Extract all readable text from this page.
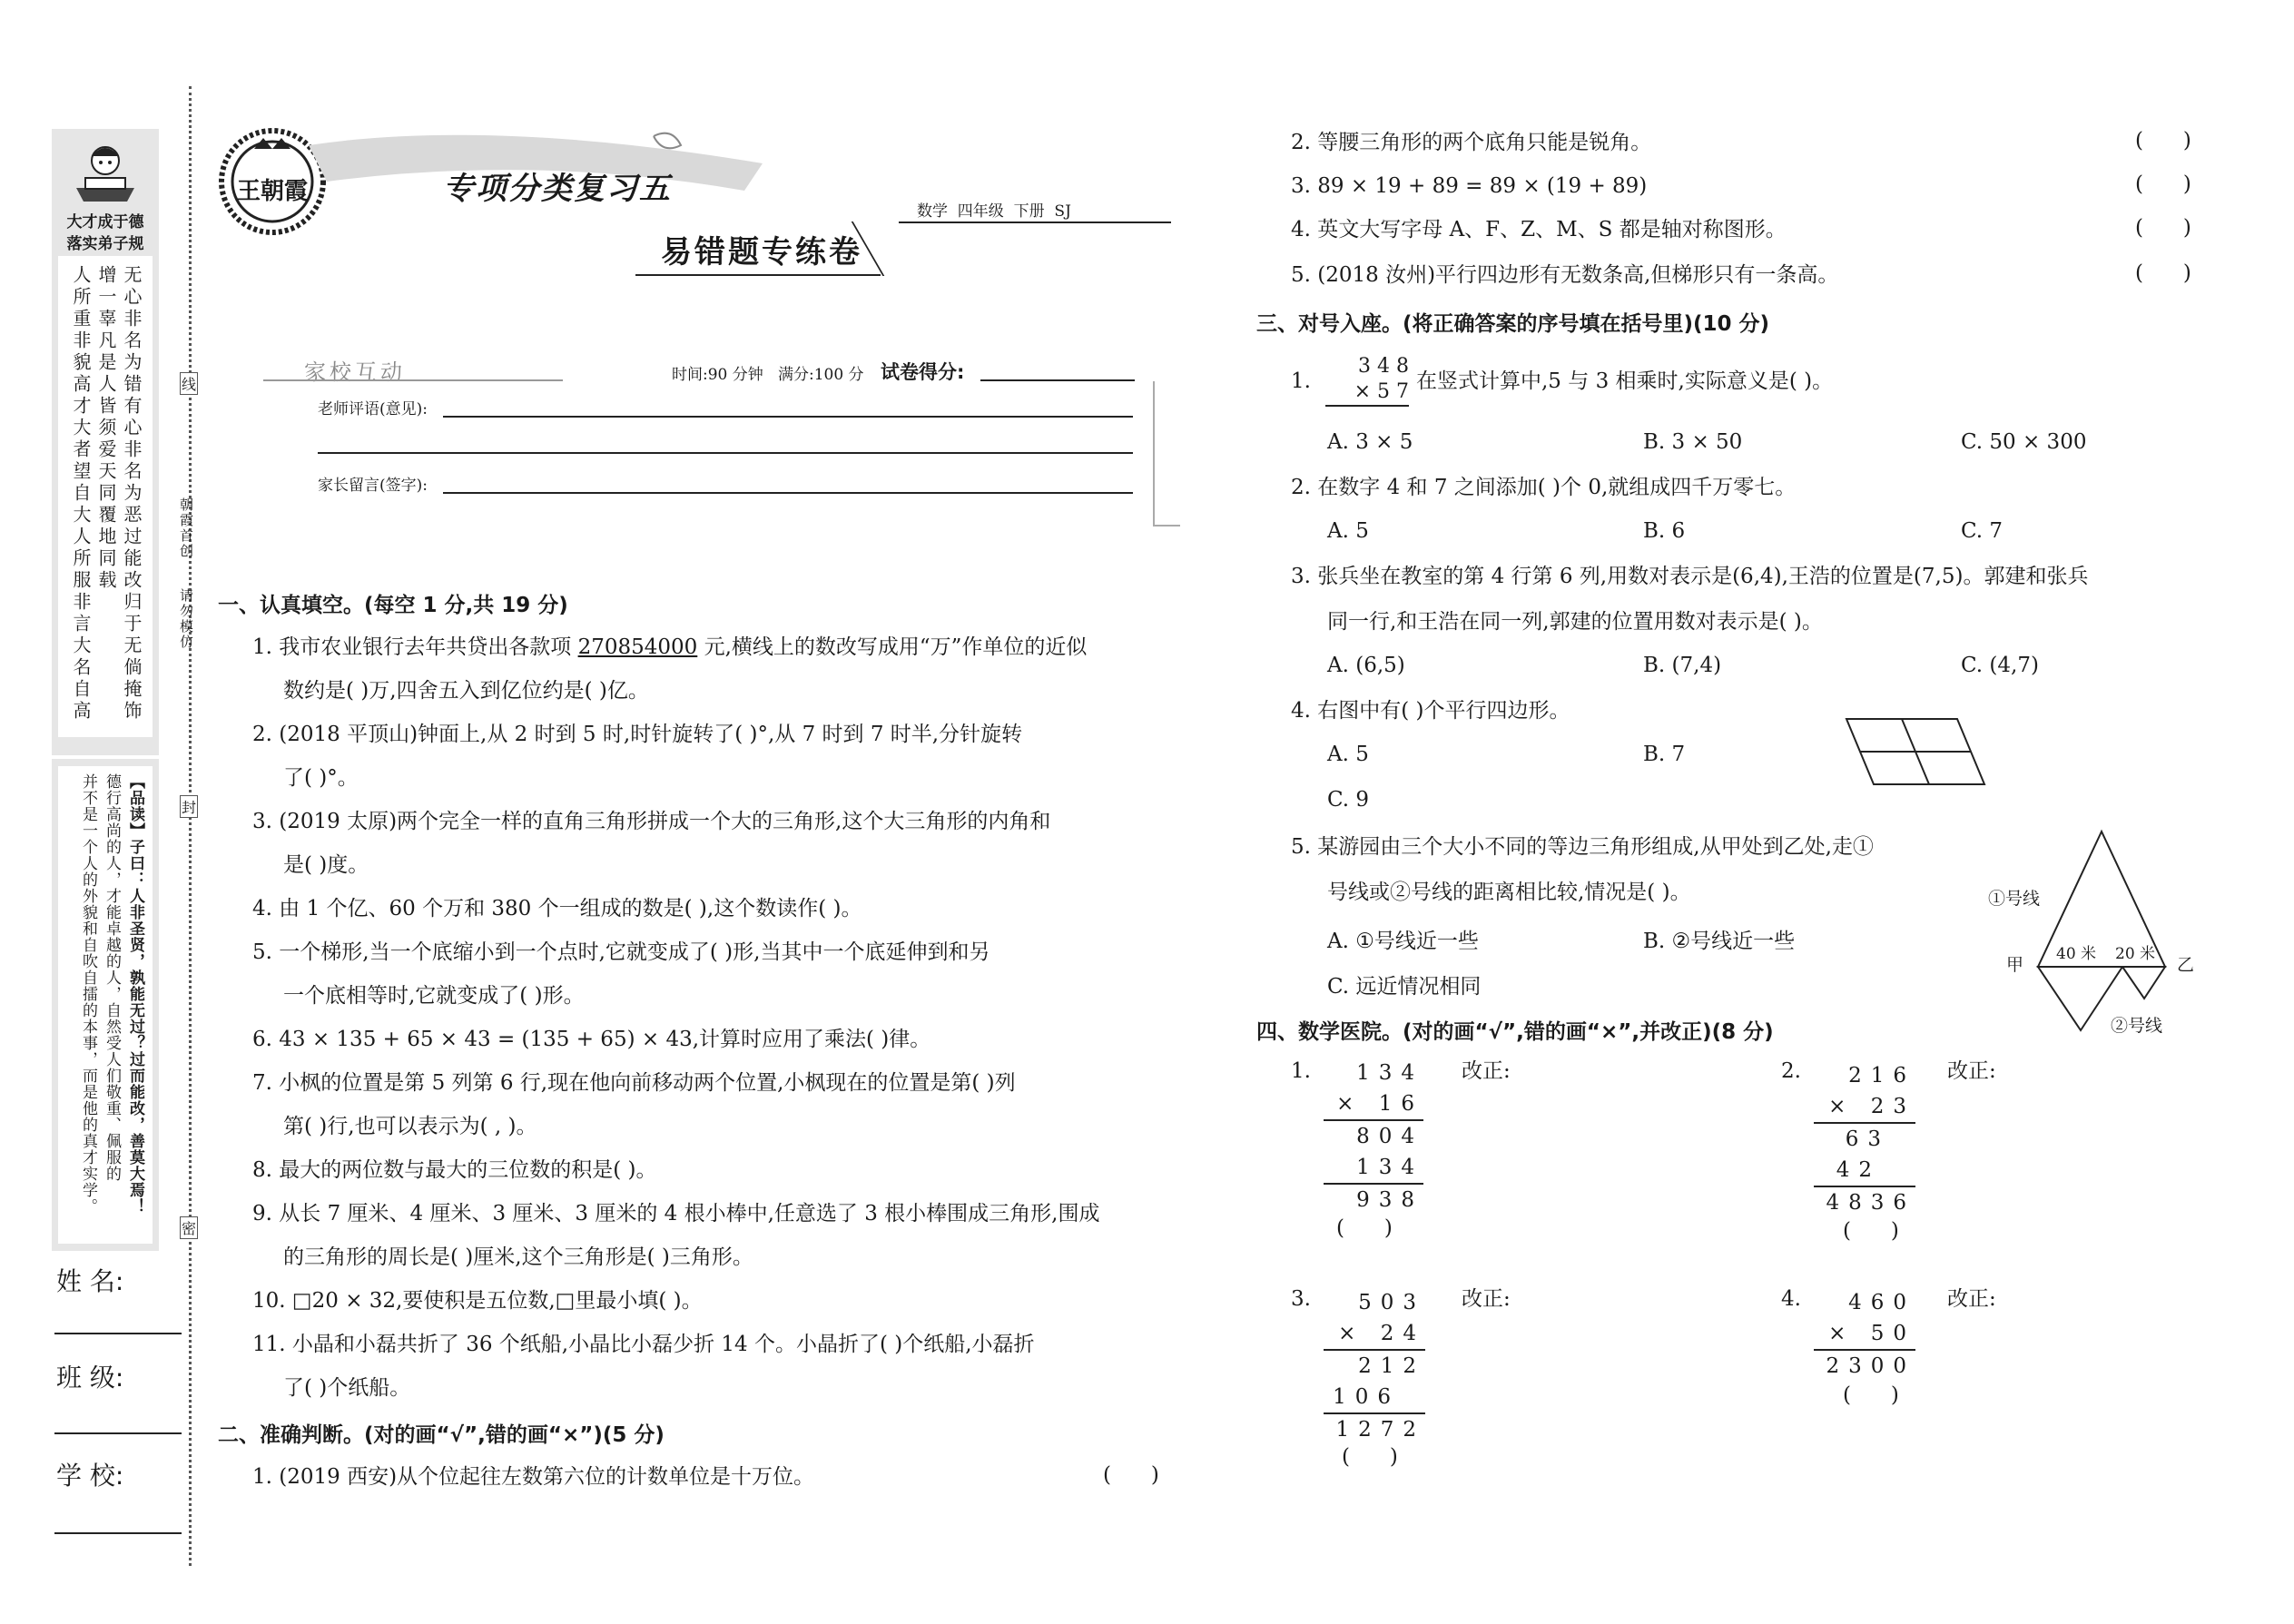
大才成于德
落实弟子规
无心非名为错有心非名为恶过能改归于无倘掩饰
增一辜凡是人皆须爱天同覆地同载
人所重非貌高才大者望自大人所服非言大名自高
【品读】子曰：人非圣贤，孰能无过？过而能改，善莫大焉！
德行高尚的人，才能卓越的人，自然受人们敬重、佩服的
并不是一个人的外貌和自吹自擂的本事，而是他的真才实学。
姓 名:
班 级:
学 校:
线
封
密
朝霞首创
请勿模仿
王朝霞	专项分类复习五
易错题专练卷
数学  四年级  下册  SJ
家校互动	时间:90 分钟   满分:100 分 试卷得分:
老师评语(意见):
家长留言(签字):
一、认真填空。(每空 1 分,共 19 分)
1. 我市农业银行去年共贷出各款项 270854000 元,横线上的数改写成用“万”作单位的近似
数约是( )万,四舍五入到亿位约是( )亿。
2. (2018 平顶山)钟面上,从 2 时到 5 时,时针旋转了( )°,从 7 时到 7 时半,分针旋转
了( )°。
3. (2019 太原)两个完全一样的直角三角形拼成一个大的三角形,这个大三角形的内角和
是( )度。
4. 由 1 个亿、60 个万和 380 个一组成的数是( ),这个数读作( )。
5. 一个梯形,当一个底缩小到一个点时,它就变成了( )形,当其中一个底延伸到和另
一个底相等时,它就变成了( )形。
6. 43 × 135 + 65 × 43 = (135 + 65) × 43,计算时应用了乘法( )律。
7. 小枫的位置是第 5 列第 6 行,现在他向前移动两个位置,小枫现在的位置是第( )列
第( )行,也可以表示为( , )。
8. 最大的两位数与最大的三位数的积是( )。
9. 从长 7 厘米、4 厘米、3 厘米、3 厘米的 4 根小棒中,任意选了 3 根小棒围成三角形,围成
的三角形的周长是( )厘米,这个三角形是( )三角形。
10. □20 × 32,要使积是五位数,□里最小填( )。
11. 小晶和小磊共折了 36 个纸船,小晶比小磊少折 14 个。小晶折了( )个纸船,小磊折
了( )个纸船。
二、准确判断。(对的画“√”,错的画“×”)(5 分)
1. (2019 西安)从个位起往左数第六位的计数单位是十万位。	(      )
2. 等腰三角形的两个底角只能是锐角。	(      )
3. 89 × 19 + 89 = 89 × (19 + 89)	(      )
4. 英文大写字母 A、F、Z、M、S 都是轴对称图形。	(      )
5. (2018 汝州)平行四边形有无数条高,但梯形只有一条高。	(      )
三、对号入座。(将正确答案的序号填在括号里)(10 分)
1.
3 4 8
× 5 7 在竖式计算中,5 与 3 相乘时,实际意义是( )。
A. 3 × 5	B. 3 × 50	C. 50 × 300
2. 在数字 4 和 7 之间添加( )个 0,就组成四千万零七。
A. 5	B. 6	C. 7
3. 张兵坐在教室的第 4 行第 6 列,用数对表示是(6,4),王浩的位置是(7,5)。郭建和张兵
同一行,和王浩在同一列,郭建的位置用数对表示是( )。
A. (6,5)	B. (7,4)	C. (4,7)
4. 右图中有( )个平行四边形。
A. 5	B. 7
C. 9
5. 某游园由三个大小不同的等边三角形组成,从甲处到乙处,走①
号线或②号线的距离相比较,情况是( )。
A. ①号线近一些	B. ②号线近一些
C. 远近情况相同
①号线
②号线
甲	乙
40 米 20 米
四、数学医院。(对的画“√”,错的画“×”,并改正)(8 分)
1.	134
× 16
804
134
938
(      )
改正:	2.	216
× 23
63
42
4836
(      )
改正:
3.	503
× 24
212
106
1272
(      )
改正:	4.	460
× 50
2300
(      )
改正:
